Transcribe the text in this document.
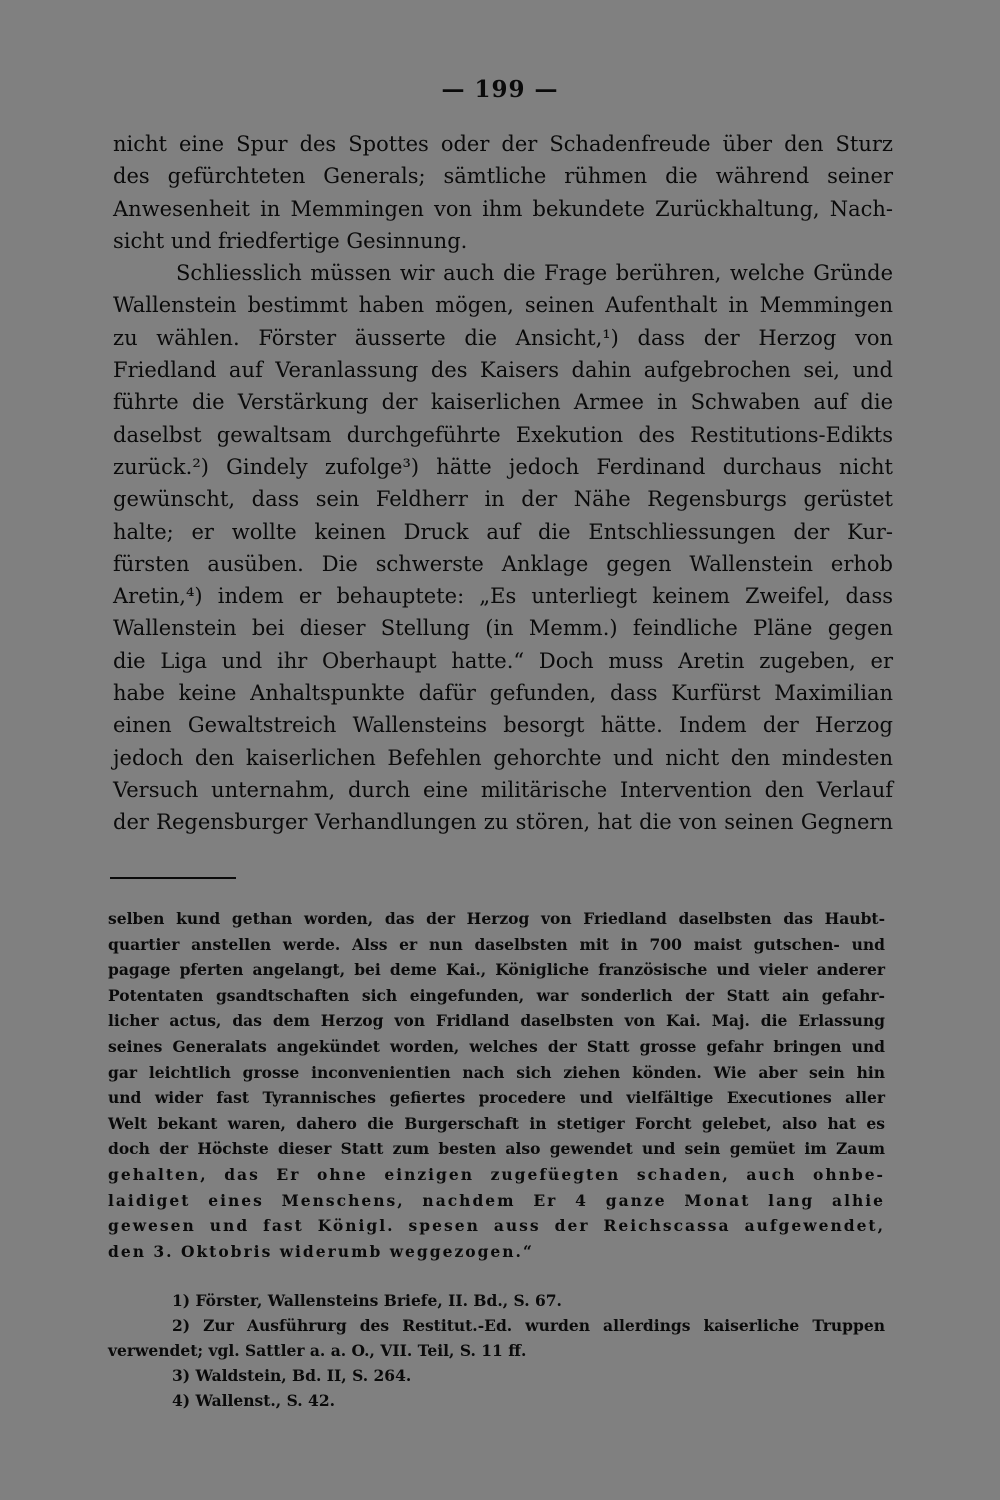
— 199 —
nicht eine Spur des Spottes oder der Schadenfreude über den Sturz
des gefürchteten Generals; sämtliche rühmen die während seiner
Anwesenheit in Memmingen von ihm bekundete Zurückhaltung, Nach-
sicht und friedfertige Gesinnung.
Schliesslich müssen wir auch die Frage berühren, welche Gründe
Wallenstein bestimmt haben mögen, seinen Aufenthalt in Memmingen
zu wählen. Förster äusserte die Ansicht,¹) dass der Herzog von
Friedland auf Veranlassung des Kaisers dahin aufgebrochen sei, und
führte die Verstärkung der kaiserlichen Armee in Schwaben auf die
daselbst gewaltsam durchgeführte Exekution des Restitutions-Edikts
zurück.²) Gindely zufolge³) hätte jedoch Ferdinand durchaus nicht
gewünscht, dass sein Feldherr in der Nähe Regensburgs gerüstet
halte; er wollte keinen Druck auf die Entschliessungen der Kur-
fürsten ausüben. Die schwerste Anklage gegen Wallenstein erhob
Aretin,⁴) indem er behauptete: „Es unterliegt keinem Zweifel, dass
Wallenstein bei dieser Stellung (in Memm.) feindliche Pläne gegen
die Liga und ihr Oberhaupt hatte.“ Doch muss Aretin zugeben, er
habe keine Anhaltspunkte dafür gefunden, dass Kurfürst Maximilian
einen Gewaltstreich Wallensteins besorgt hätte. Indem der Herzog
jedoch den kaiserlichen Befehlen gehorchte und nicht den mindesten
Versuch unternahm, durch eine militärische Intervention den Verlauf
der Regensburger Verhandlungen zu stören, hat die von seinen Gegnern
selben kund gethan worden, das der Herzog von Friedland daselbsten das Haubt-
quartier anstellen werde. Alss er nun daselbsten mit in 700 maist gutschen- und
pagage pferten angelangt, bei deme Kai., Königliche französische und vieler anderer
Potentaten gsandtschaften sich eingefunden, war sonderlich der Statt ain gefahr-
licher actus, das dem Herzog von Fridland daselbsten von Kai. Maj. die Erlassung
seines Generalats angekündet worden, welches der Statt grosse gefahr bringen und
gar leichtlich grosse inconvenientien nach sich ziehen könden. Wie aber sein hin
und wider fast Tyrannisches gefiertes procedere und vielfältige Executiones aller
Welt bekant waren, dahero die Burgerschaft in stetiger Forcht gelebet, also hat es
doch der Höchste dieser Statt zum besten also gewendet und sein gemüet im Zaum
gehalten, das Er ohne einzigen zugefüegten schaden, auch ohnbe-
laidiget eines Menschens, nachdem Er 4 ganze Monat lang alhie
gewesen und fast Königl. spesen auss der Reichscassa aufgewendet,
den 3. Oktobris widerumb weggezogen.“
1) Förster, Wallensteins Briefe, II. Bd., S. 67.
2) Zur Ausführurg des Restitut.-Ed. wurden allerdings kaiserliche Truppen
verwendet; vgl. Sattler a. a. O., VII. Teil, S. 11 ff.
3) Waldstein, Bd. II, S. 264.
4) Wallenst., S. 42.
